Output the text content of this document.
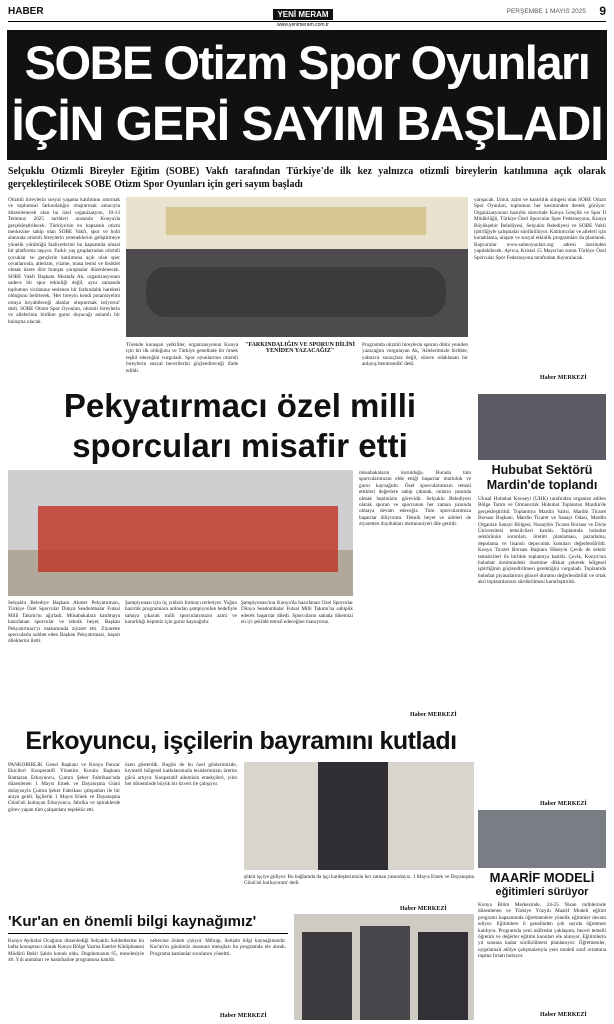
HABER	YENİ MERAM
www.yenimeram.com.tr
PERŞEMBE 1 MAYIS 2025 9
SOBE Otizm Spor Oyunları
İÇİN GERİ SAYIM BAŞLADI
Selçuklu Otizmli Bireyler Eğitim (SOBE) Vakfı tarafından Türkiye'de ilk kez yalnızca otizmli bireylerin katılımına açık olarak gerçekleştirilecek SOBE Otizm Spor Oyunları için geri sayım başladı
Otizmli bireylerin sosyal yaşama katılımını artırmak ve toplumsal farkındalığın oluşturmak amacıyla düzenlenecek olan bu özel organizasyon, 10-13 Temmuz 2025 tarihleri arasında Konya'da gerçekleştirilecek. Türkiye'nin en kapsamlı otizm merkezine sahip olan SOBE Vakfı, spor ve hobi alanında otizmli bireylerin yeteneklerini geliştirmeye yönelik yürüttüğü faaliyetlerini bu kapsamda ulusal bir platforma taşıyor. Farklı yaş gruplarından otizmli çocuklar ve gençlerin katılımına açık olan spor oyunlarında, atletizm, yüzme, masa tenisi ve bisiklet olmak üzere dört branşta yarışmalar düzenlenecek. SOBE Vakfı Başkanı Mustafa Ak, organizasyonun sadece bir spor etkinliği değil, aynı zamanda toplumun vicdanına seslenen bir farkındalık hareketi olduğunu belirterek, 'Her bireyin kendi potansiyelini ortaya koyabileceği alanlar oluşturmak istiyoruz' dedi. SOBE Otizm Spor Oyunları, otizmli bireylerin ve ailelerinin birlikte gurur duyacağı anlamlı bir buluşma olacak.
Törende konuşan yetkililer, organizasyonun Konya için bir ilk olduğunu ve Türkiye genelinde bir örnek teşkil edeceğini vurguladı. Spor oyunlarının otizmli bireylerin sosyal becerilerini güçlendireceği ifade edildi.
"FARKINDALIĞIN VE SPORUN DİLİNİ YENİDEN YAZACAĞIZ"
Programda otizmli bireylerin sporun dilini yeniden yazacağını vurgulayan Ak, 'Ailelerimizle birlikte, yalnızca sonuçlara değil, sürece odaklanan bir anlayış benimsedik' dedi.
yarışacak. Umut, azim ve kararlılık simgesi olan SOBE Otizm Spor Oyunları, toplumun her kesiminden destek görüyor. Organizasyonun hazırlık sürecinde Konya Gençlik ve Spor İl Müdürlüğü, Türkiye Özel Sporcular Spor Federasyonu, Konya Büyükşehir Belediyesi, Selçuklu Belediyesi ve SOBE Vakfı işbirliğiyle çalışmalar sürdürülüyor. Katılımcılar ve aileleri için konaklama, ulaşım ve sosyal etkinlik programları da planlandı. Başvurular www.sobeoyunlari.org adresi üzerinden yapılabilecek. Ayrıca, Kristal 15 Mayıs'tan sonra Türkiye Özel Sporcular Spor Federasyonu tarafından duyurulacak.
Haber MERKEZİ
Pekyatırmacı özel milli
sporcuları misafir etti
Selçuklu Belediye Başkanı Ahmet Pekyatırmacı, Türkiye Özel Sporcular Dünya Seadombalar Futsal Milli Takımı'nı ağırladı. Müsabakalara katılmaya hazırlanan sporcular ve teknik heyet, Başkan Pekyatırmacı'yı makamında ziyaret etti. Ziyarette sporcularla sohbet eden Başkan Pekyatırmacı, başarı dileklerini iletti.
Şampiyonası için üç yıldızlı formayı terletiyor. Yoğun hazırlık programının ardından şampiyonluk hedefiyle sahaya çıkacak milli sporcularımızın azmi ve kararlılığı hepimiz için gurur kaynağıdır.
Şampiyonası'nın Konya'da hazırlanan Özel Sporcular Dünya Seadombalar Futsal Milli Takımı'na sahiplik ederek başarılar diledi. Sporcuların sahada ülkemizi en iyi şekilde temsil edeceğine inanıyoruz.
müsabakaların kurulduğu. Burada tüm sporcularımızın elde ettiği başarılar mutluluk ve gurur kaynağıdır. Özel sporcularımızın temsil ettikleri değerlere sahip çıkmak, onların yanında olmak hepimizin görevidir. Selçuklu Belediyesi olarak sporun ve sporcunun her zaman yanında olmaya devam edeceğiz. Tüm sporcularımıza başarılar diliyorum. Teknik heyet ve aileleri de ziyaretten duydukları memnuniyeti dile getirdi.
Haber MERKEZİ
Hububat Sektörü
Mardin'de toplandı
Ulusal Hububat Konseyi (UHK) tarafından organize edilen Bölge Tarım ve Ormancılık Hububat Toplantısı Mardin'de gerçekleştirildi. Toplantıya Mardin Valisi, Mardin Ticaret Borsası Başkanı, Mardin Ticaret ve Sanayi Odası, Mardin Organize Sanayi Bölgesi, Nusaybin Ticaret Borsası ve Dicle Üniversitesi temsilcileri katıldı. Toplantıda hububat sektörünün sorunları, üretim planlaması, pazarlama, depolama ve lisanslı depoculuk konuları değerlendirildi. Konya Ticaret Borsası Başkanı Hüseyin Çevik de sektör temsilcileri ile birlikte toplantıya katıldı. Çevik, Konya'nın hububat üretimindeki önemine dikkat çekerek bölgesel işbirliğinin güçlendirilmesi gerektiğini vurguladı. Toplantıda hububat piyasalarının güncel durumu değerlendirildi ve ortak akıl toplantılarının sürdürülmesi kararlaştırıldı.
Haber MERKEZİ
Erkoyuncu, işçilerin bayramını kutladı
PANKOBİRLİK Genel Başkanı ve Konya Pancar Ekicileri Kooperatifi Yönetim Kurulu Başkanı Ramazan Erkoyuncu, Çumra Şeker Fabrikası'nda düzenlenen 1 Mayıs Emek ve Dayanışma Günü dolayısıyla Çumra Şeker Fabrikası çalışanları ile bir araya geldi. İşçilerin 1 Mayıs Emek ve Dayanışma Günü'nü kutlayan Erkoyuncu, fabrika ve iştiraklerde görev yapan tüm çalışanlara teşekkür etti.
özen gösterdik. Bugün de bu özel günlerimizde, kıymetli bölgesel katkılarımızla tesislerimizin üretim gücü artıyor. Kooperatif ailemizin emekçileri, yılın her döneminde büyük bir özveri ile çalışıyor.
şükür işçiye gidiyor. Bu bağlamda da işçi kardeşlerimizin her zaman yanındayız. 1 Mayıs Emek ve Dayanışma Günü'nü kutluyorum' dedi.
Haber MERKEZİ
'Kur'an en önemli bilgi kaynağımız'
Konya Aydınlar Ocağının düzenlediği Selçuklu Sohbetlerine bu hafta konuşmacı olarak Konya Bölge Yazma Eserler Kütüphanesi Müdürü Bekir Şahin konuk oldu. Dogdumuzun 65, meselesiyle 40. Yılı anmaları ve hasbihaline programına katıldı.
nebevine önlem çiziyor. Mihrap, iletişim bilgi kaynağımızdır. Kur'an'ın günümüz insanına mesajları bu programda ele alındı. Programa katılanlar sorularını yöneltti.
Haber MERKEZİ
MAARİF MODELİ
eğitimleri sürüyor
Konya Bilim Merkezinde, 24-25 Nisan tarihlerinde düzenlenen ve Türkiye Yüzyılı Maarif Modeli eğitim programı kapsamında öğretmenlere yönelik eğitimler devam ediyor. Eğitimlere il genelinden çok sayıda öğretmen katılıyor. Programda yeni müfredat yaklaşımı, beceri temelli öğretim ve değerler eğitimi konuları ele alınıyor. Eğitimlerin yıl sonuna kadar sürdürülmesi planlanıyor. Öğretmenler, uygulamalı atölye çalışmalarıyla yeni modeli sınıf ortamına taşıma fırsatı buluyor.
Haber MERKEZİ
